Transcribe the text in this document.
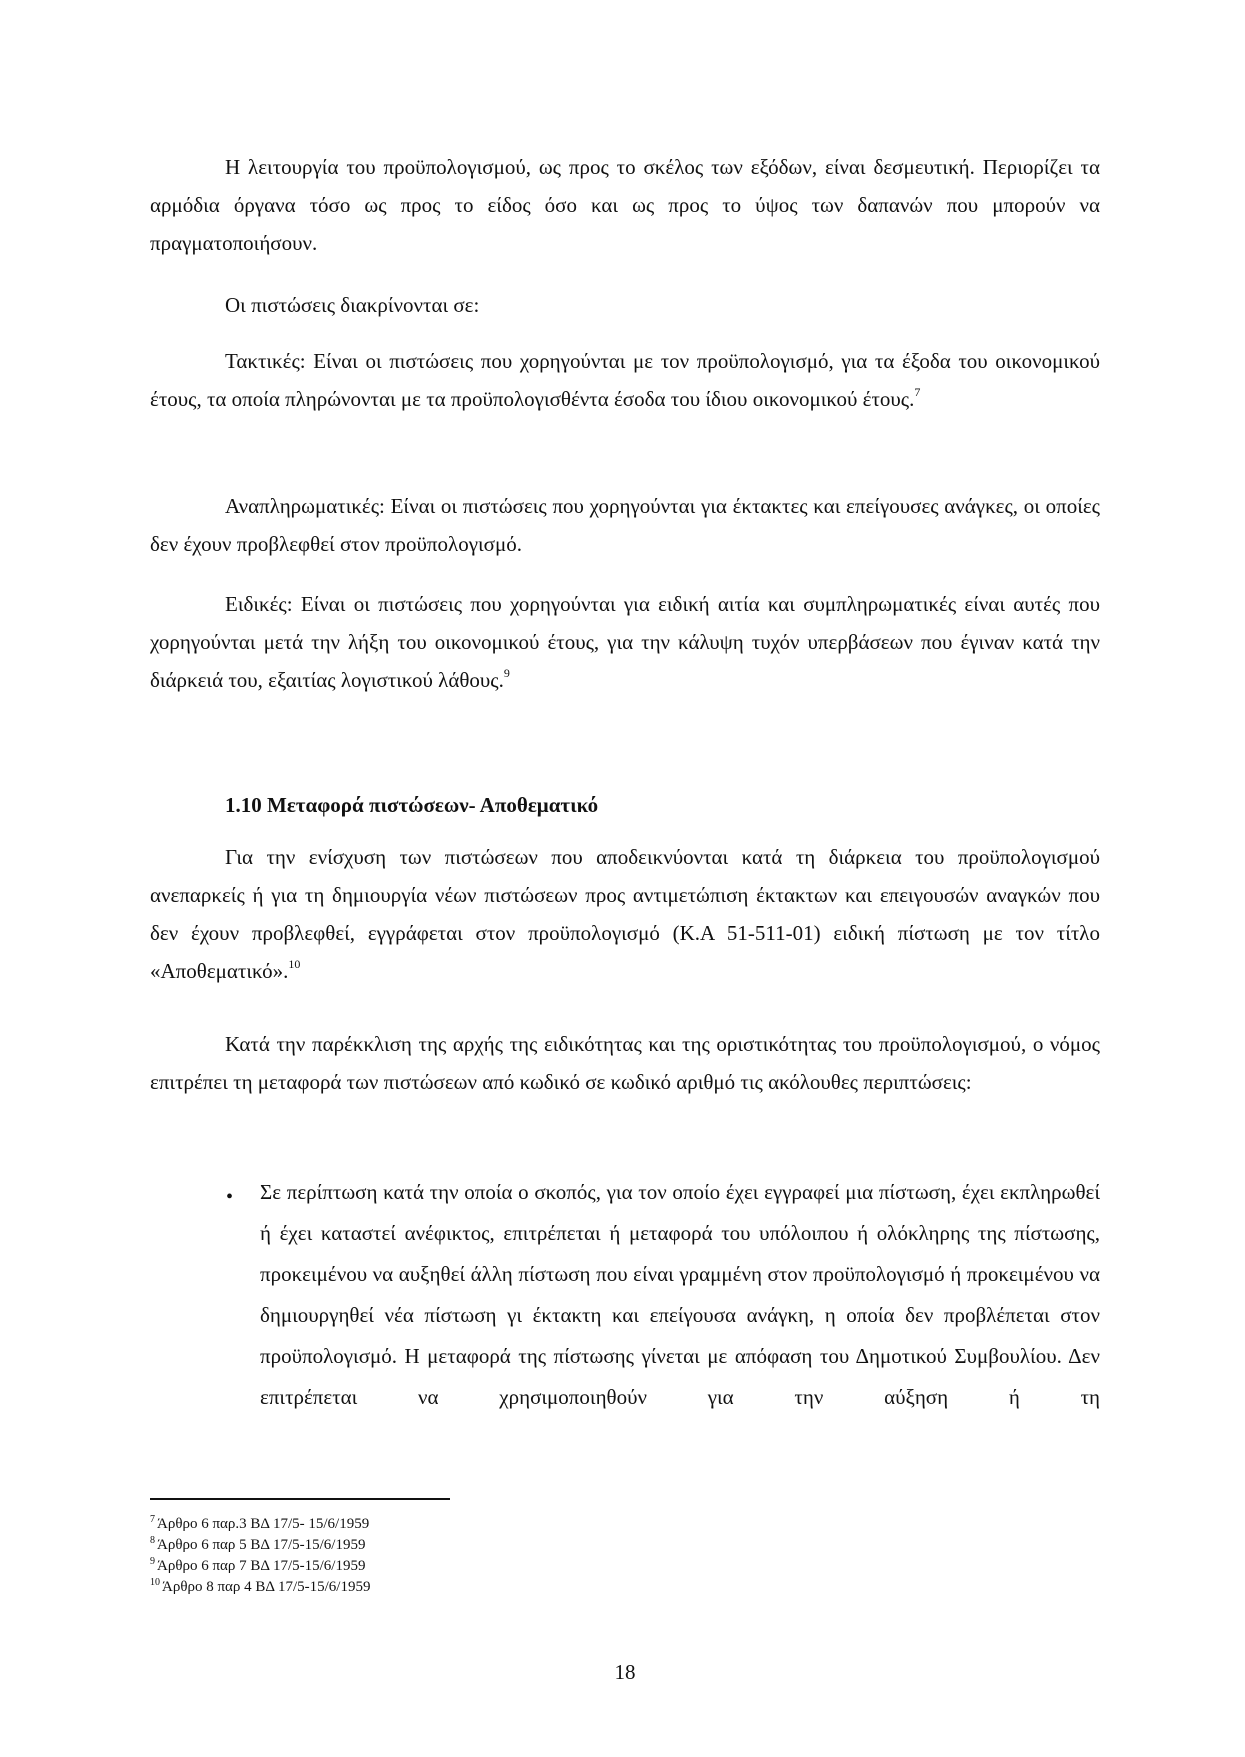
Η λειτουργία του προϋπολογισμού, ως προς το σκέλος των εξόδων, είναι δεσμευτική. Περιορίζει τα αρμόδια όργανα τόσο ως προς το είδος όσο και ως προς το ύψος των δαπανών που μπορούν να πραγματοποιήσουν.

Οι πιστώσεις διακρίνονται σε:

Τακτικές: Είναι οι πιστώσεις που χορηγούνται με τον προϋπολογισμό, για τα έξοδα του οικονομικού έτους, τα οποία πληρώνονται με τα προϋπολογισθέντα έσοδα του ίδιου οικονομικού έτους.$^7$

Αναπληρωματικές: Είναι οι πιστώσεις που χορηγούνται για έκτακτες και επείγουσες ανάγκες, οι οποίες δεν έχουν προβλεφθεί στον προϋπολογισμό.

Ειδικές: Είναι οι πιστώσεις που χορηγούνται για ειδική αιτία και συμπληρωματικές είναι αυτές που χορηγούνται μετά την λήξη του οικονομικού έτους, για την κάλυψη τυχόν υπερβάσεων που έγιναν κατά την διάρκειά του, εξαιτίας λογιστικού λάθους.$^9$

1.10 Μεταφορά πιστώσεων- Αποθεματικό

Για την ενίσχυση των πιστώσεων που αποδεικνύονται κατά τη διάρκεια του προϋπολογισμού ανεπαρκείς ή για τη δημιουργία νέων πιστώσεων προς αντιμετώπιση έκτακτων και επειγουσών αναγκών που δεν έχουν προβλεφθεί, εγγράφεται στον προϋπολογισμό (Κ.Α 51-511-01) ειδική πίστωση με τον τίτλο «Αποθεματικό».$^{10}$

Κατά την παρέκκλιση της αρχής της ειδικότητας και της οριστικότητας του προϋπολογισμού, ο νόμος επιτρέπει τη μεταφορά των πιστώσεων από κωδικό σε κωδικό αριθμό τις ακόλουθες περιπτώσεις:

• Σε περίπτωση κατά την οποία ο σκοπός, για τον οποίο έχει εγγραφεί μια πίστωση, έχει εκπληρωθεί ή έχει καταστεί ανέφικτος, επιτρέπεται ή μεταφορά του υπόλοιπου ή ολόκληρης της πίστωσης, προκειμένου να αυξηθεί άλλη πίστωση που είναι γραμμένη στον προϋπολογισμό ή προκειμένου να δημιουργηθεί νέα πίστωση γι έκτακτη και επείγουσα ανάγκη, η οποία δεν προβλέπεται στον προϋπολογισμό. Η μεταφορά της πίστωσης γίνεται με απόφαση του Δημοτικού Συμβουλίου. Δεν επιτρέπεται να χρησιμοποιηθούν για την αύξηση ή τη

$^7$ Άρθρο 6 παρ.3 ΒΔ 17/5- 15/6/1959

$^8$ Άρθρο 6 παρ 5 ΒΔ 17/5-15/6/1959

$^9$ Άρθρο 6 παρ 7 ΒΔ 17/5-15/6/1959

$^{10}$ Άρθρο 8 παρ 4 ΒΔ 17/5-15/6/1959

18
